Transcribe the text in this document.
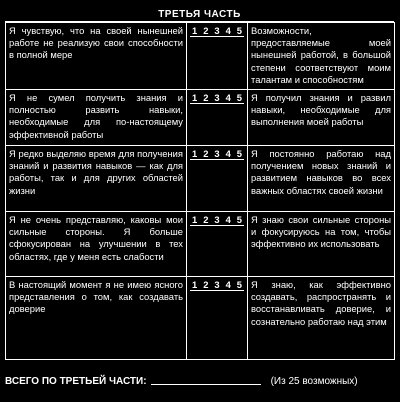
ТРЕТЬЯ ЧАСТЬ
Я чувствую, что на своей нынешней работе не реализую свои способности в полной мере	1 2 3 4 5	Возможности, предоставляемые моей нынешней работой, в большой степени соответствуют моим талантам и способностям
Я не сумел получить знания и полностью развить навыки, необходимые для по-настоящему эффективной работы	1 2 3 4 5	Я получил знания и развил навыки, необходимые для выполнения моей работы
Я редко выделяю время для получения знаний и развития навыков — как для работы, так и для других областей жизни	1 2 3 4 5	Я постоянно работаю над получением новых знаний и развитием навыков во всех важных областях своей жизни
Я не очень представляю, каковы мои сильные стороны. Я больше сфокусирован на улучшении в тех областях, где у меня есть слабости	1 2 3 4 5	Я знаю свои сильные стороны и фокусируюсь на том, чтобы эффективно их использовать
В настоящий момент я не имею ясного представления о том, как создавать доверие	1 2 3 4 5	Я знаю, как эффективно создавать, распространять и восстанавливать доверие, и сознательно работаю над этим
ВСЕГО ПО ТРЕТЬЕЙ ЧАСТИ:	(Из 25 возможных)
